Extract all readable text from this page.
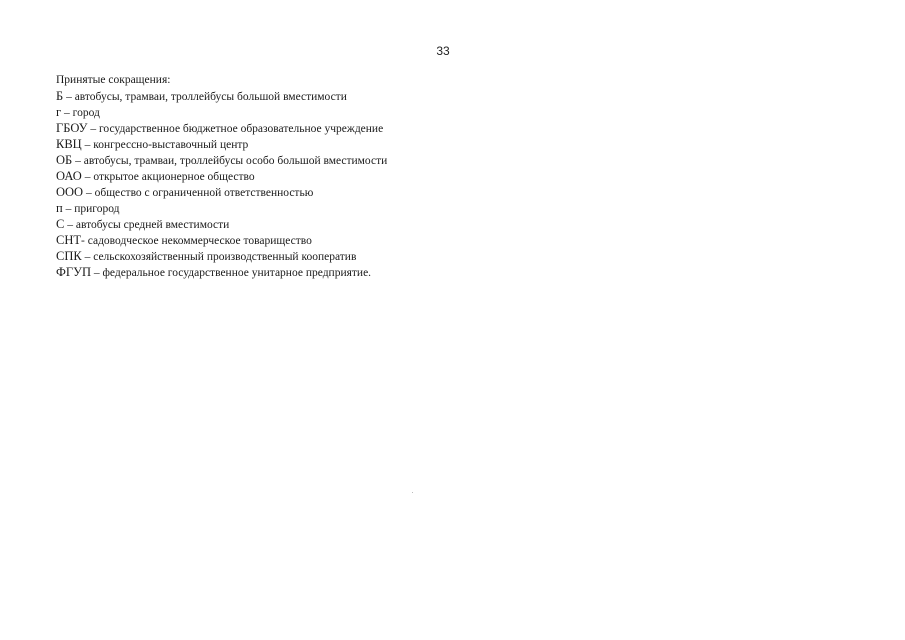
33

Принятые сокращения:

Б – автобусы, трамваи, троллейбусы большой вместимости
г – город
ГБОУ – государственное бюджетное образовательное учреждение
КВЦ – конгрессно-выставочный центр
ОБ – автобусы, трамваи, троллейбусы особо большой вместимости
ОАО – открытое акционерное общество
ООО – общество с ограниченной ответственностью
п – пригород
С – автобусы средней вместимости
СНТ- садоводческое некоммерческое товарищество
СПК – сельскохозяйственный производственный кооператив
ФГУП – федеральное государственное унитарное предприятие.
